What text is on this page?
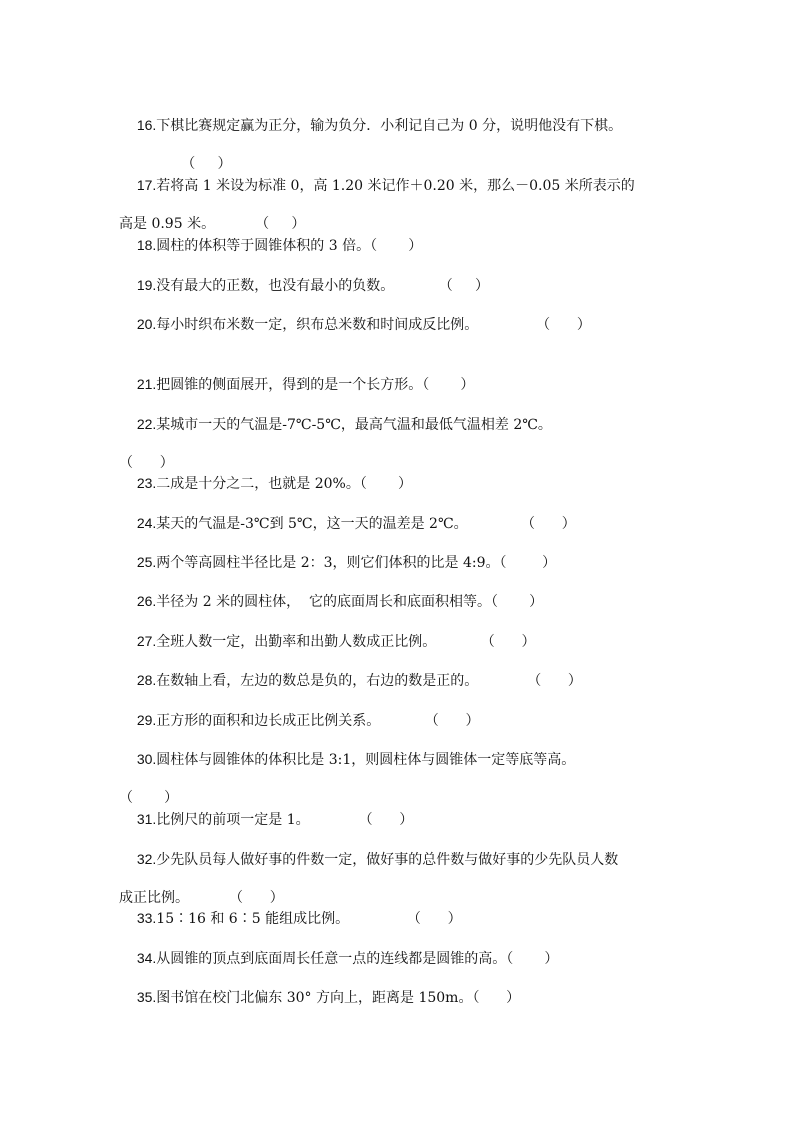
16.下棋比赛规定赢为正分，输为负分．小利记自己为 0 分，说明他没有下棋。

（     ）

17.若将高 1 米设为标准 0，高 1.20 米记作＋0.20 米，那么－0.05 米所表示的

高是 0.95 米。         （     ）

18.圆柱的体积等于圆锥体积的 3 倍。（       ）

19.没有最大的正数，也没有最小的负数。          （     ）

20.每小时织布米数一定，织布总米数和时间成反比例。             （      ）

21.把圆锥的侧面展开，得到的是一个长方形。（       ）

22.某城市一天的气温是-7℃-5℃，最高气温和最低气温相差 2℃。

（      ）

23.二成是十分之二，也就是 20%。（       ）

24.某天的气温是-3℃到 5℃，这一天的温差是 2℃。            （      ）

25.两个等高圆柱半径比是 2：3，则它们体积的比是 4:9。（        ）

26.半径为 2 米的圆柱体，  它的底面周长和底面积相等。（       ）

27.全班人数一定，出勤率和出勤人数成正比例。          （      ）

28.在数轴上看，左边的数总是负的，右边的数是正的。           （      ）

29.正方形的面积和边长成正比例关系。          （      ）

30.圆柱体与圆锥体的体积比是 3:1，则圆柱体与圆锥体一定等底等高。

（       ）

31.比例尺的前项一定是 1。           （      ）

32.少先队员每人做好事的件数一定，做好事的总件数与做好事的少先队员人数

成正比例。         （      ）

33.15∶16 和 6∶5 能组成比例。             （      ）

34.从圆锥的顶点到底面周长任意一点的连线都是圆锥的高。（       ）

35.图书馆在校门北偏东 30° 方向上，距离是 150m。（      ）
